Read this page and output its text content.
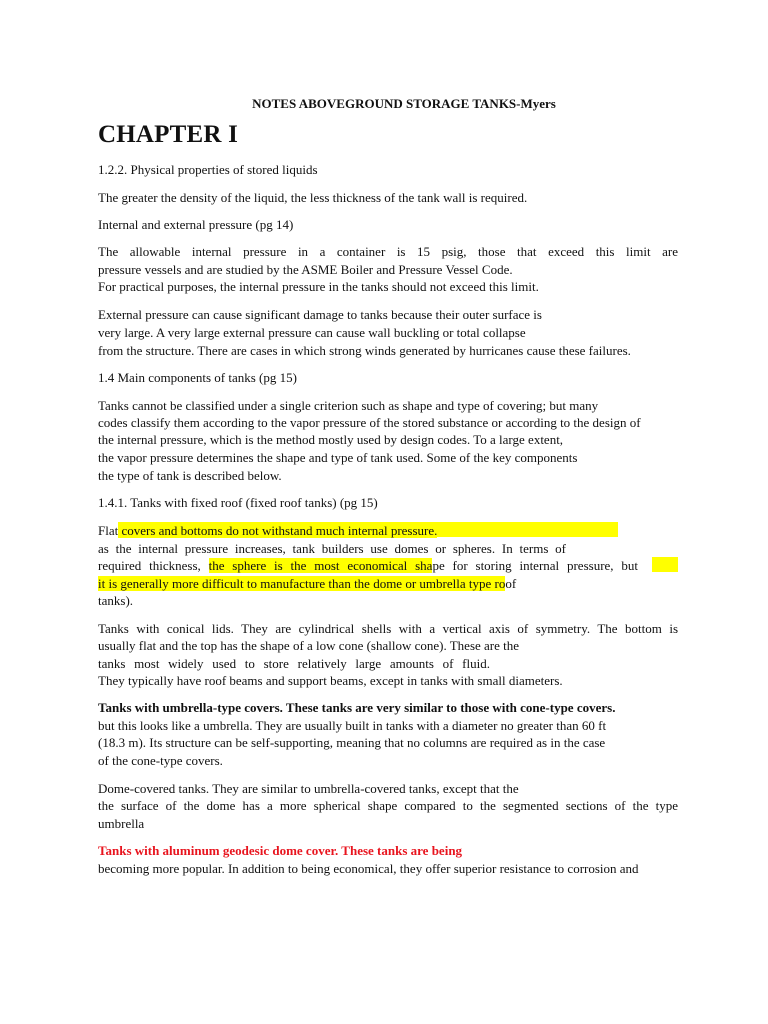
NOTES ABOVEGROUND STORAGE TANKS-Myers
CHAPTER I
1.2.2. Physical properties of stored liquids
The greater the density of the liquid, the less thickness of the tank wall is required.
Internal and external pressure (pg 14)
The allowable internal pressure in a container is 15 psig, those that exceed this limit are
pressure vessels and are studied by the ASME Boiler and Pressure Vessel Code.
For practical purposes, the internal pressure in the tanks should not exceed this limit.
External pressure can cause significant damage to tanks because their outer surface is
very large. A very large external pressure can cause wall buckling or total collapse
from the structure. There are cases in which strong winds generated by hurricanes cause these failures.
1.4 Main components of tanks (pg 15)
Tanks cannot be classified under a single criterion such as shape and type of covering; but many
codes classify them according to the vapor pressure of the stored substance or according to the design of
the internal pressure, which is the method mostly used by design codes. To a large extent,
the vapor pressure determines the shape and type of tank used. Some of the key components
the type of tank is described below.
1.4.1. Tanks with fixed roof (fixed roof tanks) (pg 15)
Flat covers and bottoms do not withstand much internal pressure.
as the internal pressure increases, tank builders use domes or spheres. In terms of
required thickness, the sphere is the most economical shape for storing internal pressure, but
it is generally more difficult to manufacture than the dome or umbrella type roof
tanks).
Tanks with conical lids. They are cylindrical shells with a vertical axis of symmetry. The bottom is
usually flat and the top has the shape of a low cone (shallow cone). These are the
tanks most widely used to store relatively large amounts of fluid.
They typically have roof beams and support beams, except in tanks with small diameters.
Tanks with umbrella-type covers. These tanks are very similar to those with cone-type covers.
but this looks like a umbrella. They are usually built in tanks with a diameter no greater than 60 ft
(18.3 m). Its structure can be self-supporting, meaning that no columns are required as in the case
of the cone-type covers.
Dome-covered tanks. They are similar to umbrella-covered tanks, except that the
the surface of the dome has a more spherical shape compared to the segmented sections of the type
umbrella
Tanks with aluminum geodesic dome cover. These tanks are being
becoming more popular. In addition to being economical, they offer superior resistance to corrosion and
